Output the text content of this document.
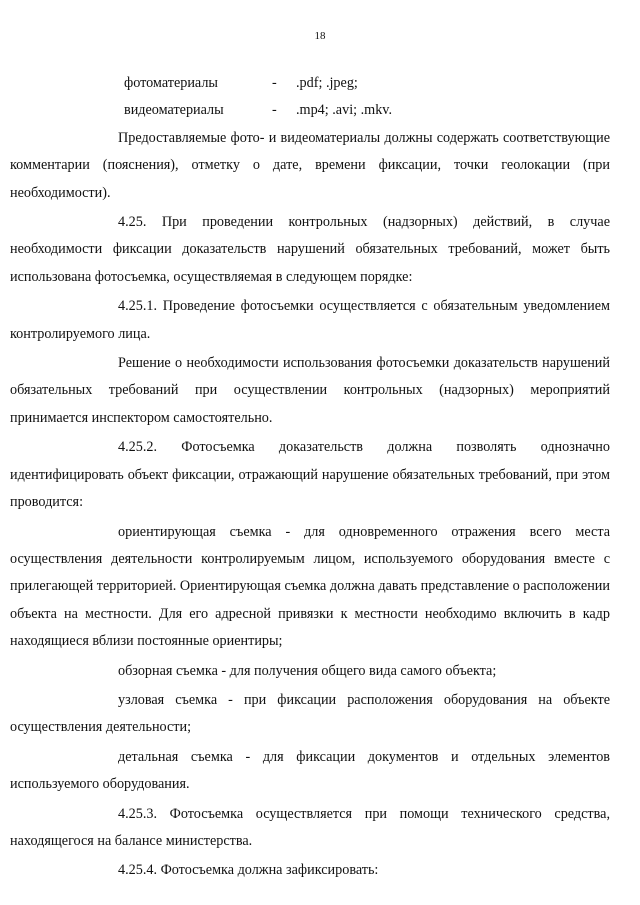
18
фотоматериалы	-	.pdf; .jpeg;
видеоматериалы	-	.mp4; .avi; .mkv.

Предоставляемые фото- и видеоматериалы должны содержать соответствующие комментарии (пояснения), отметку о дате, времени фиксации, точки геолокации (при необходимости).

4.25. При проведении контрольных (надзорных) действий, в случае необходимости фиксации доказательств нарушений обязательных требований, может быть использована фотосъемка, осуществляемая в следующем порядке:

4.25.1. Проведение фотосъемки осуществляется с обязательным уведомлением контролируемого лица.

Решение о необходимости использования фотосъемки доказательств нарушений обязательных требований при осуществлении контрольных (надзорных) мероприятий принимается инспектором самостоятельно.

4.25.2. Фотосъемка доказательств должна позволять однозначно идентифицировать объект фиксации, отражающий нарушение обязательных требований, при этом проводится:

ориентирующая съемка - для одновременного отражения всего места осуществления деятельности контролируемым лицом, используемого оборудования вместе с прилегающей территорией. Ориентирующая съемка должна давать представление о расположении объекта на местности. Для его адресной привязки к местности необходимо включить в кадр находящиеся вблизи постоянные ориентиры;

обзорная съемка - для получения общего вида самого объекта;

узловая съемка - при фиксации расположения оборудования на объекте осуществления деятельности;

детальная съемка - для фиксации документов и отдельных элементов используемого оборудования.

4.25.3. Фотосъемка осуществляется при помощи технического средства, находящегося на балансе министерства.

4.25.4. Фотосъемка должна зафиксировать:
